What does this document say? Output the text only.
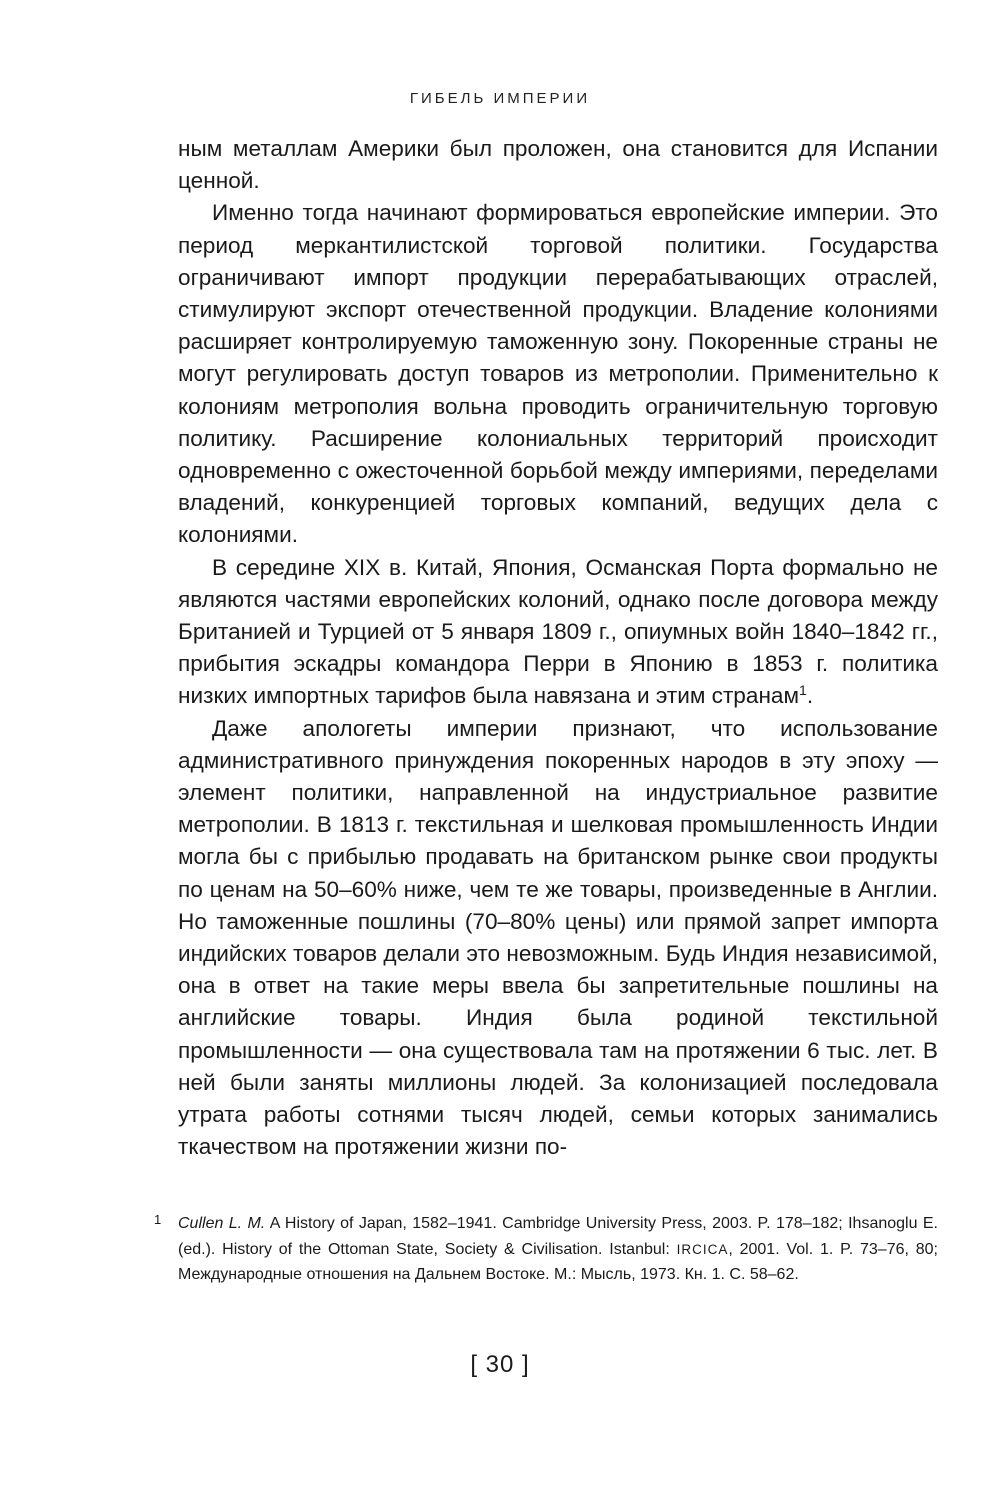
ГИБЕЛЬ ИМПЕРИИ

ным металлам Америки был проложен, она становится для Испании ценной.

Именно тогда начинают формироваться европейские империи. Это период меркантилистской торговой политики. Государства ограничивают импорт продукции перерабатывающих отраслей, стимулируют экспорт отечественной продукции. Владение колониями расширяет контролируемую таможенную зону. Покоренные страны не могут регулировать доступ товаров из метрополии. Применительно к колониям метрополия вольна проводить ограничительную торговую политику. Расширение колониальных территорий происходит одновременно с ожесточенной борьбой между империями, переделами владений, конкуренцией торговых компаний, ведущих дела с колониями.

В середине XIX в. Китай, Япония, Османская Порта формально не являются частями европейских колоний, однако после договора между Британией и Турцией от 5 января 1809 г., опиумных войн 1840–1842 гг., прибытия эскадры командора Перри в Японию в 1853 г. политика низких импортных тарифов была навязана и этим странам$^1$.

Даже апологеты империи признают, что использование административного принуждения покоренных народов в эту эпоху — элемент политики, направленной на индустриальное развитие метрополии. В 1813 г. текстильная и шелковая промышленность Индии могла бы с прибылью продавать на британском рынке свои продукты по ценам на 50–60% ниже, чем те же товары, произведенные в Англии. Но таможенные пошлины (70–80% цены) или прямой запрет импорта индийских товаров делали это невозможным. Будь Индия независимой, она в ответ на такие меры ввела бы запретительные пошлины на английские товары. Индия была родиной текстильной промышленности — она существовала там на протяжении 6 тыс. лет. В ней были заняты миллионы людей. За колонизацией последовала утрата работы сотнями тысяч людей, семьи которых занимались ткачеством на протяжении жизни по-

1 Cullen L. M. A History of Japan, 1582–1941. Cambridge University Press, 2003. P. 178–182; Ihsanoglu E. (ed.). History of the Ottoman State, Society & Civilisation. Istanbul: IRCICA, 2001. Vol. 1. P. 73–76, 80; Международные отношения на Дальнем Востоке. М.: Мысль, 1973. Кн. 1. С. 58–62.

[ 30 ]
